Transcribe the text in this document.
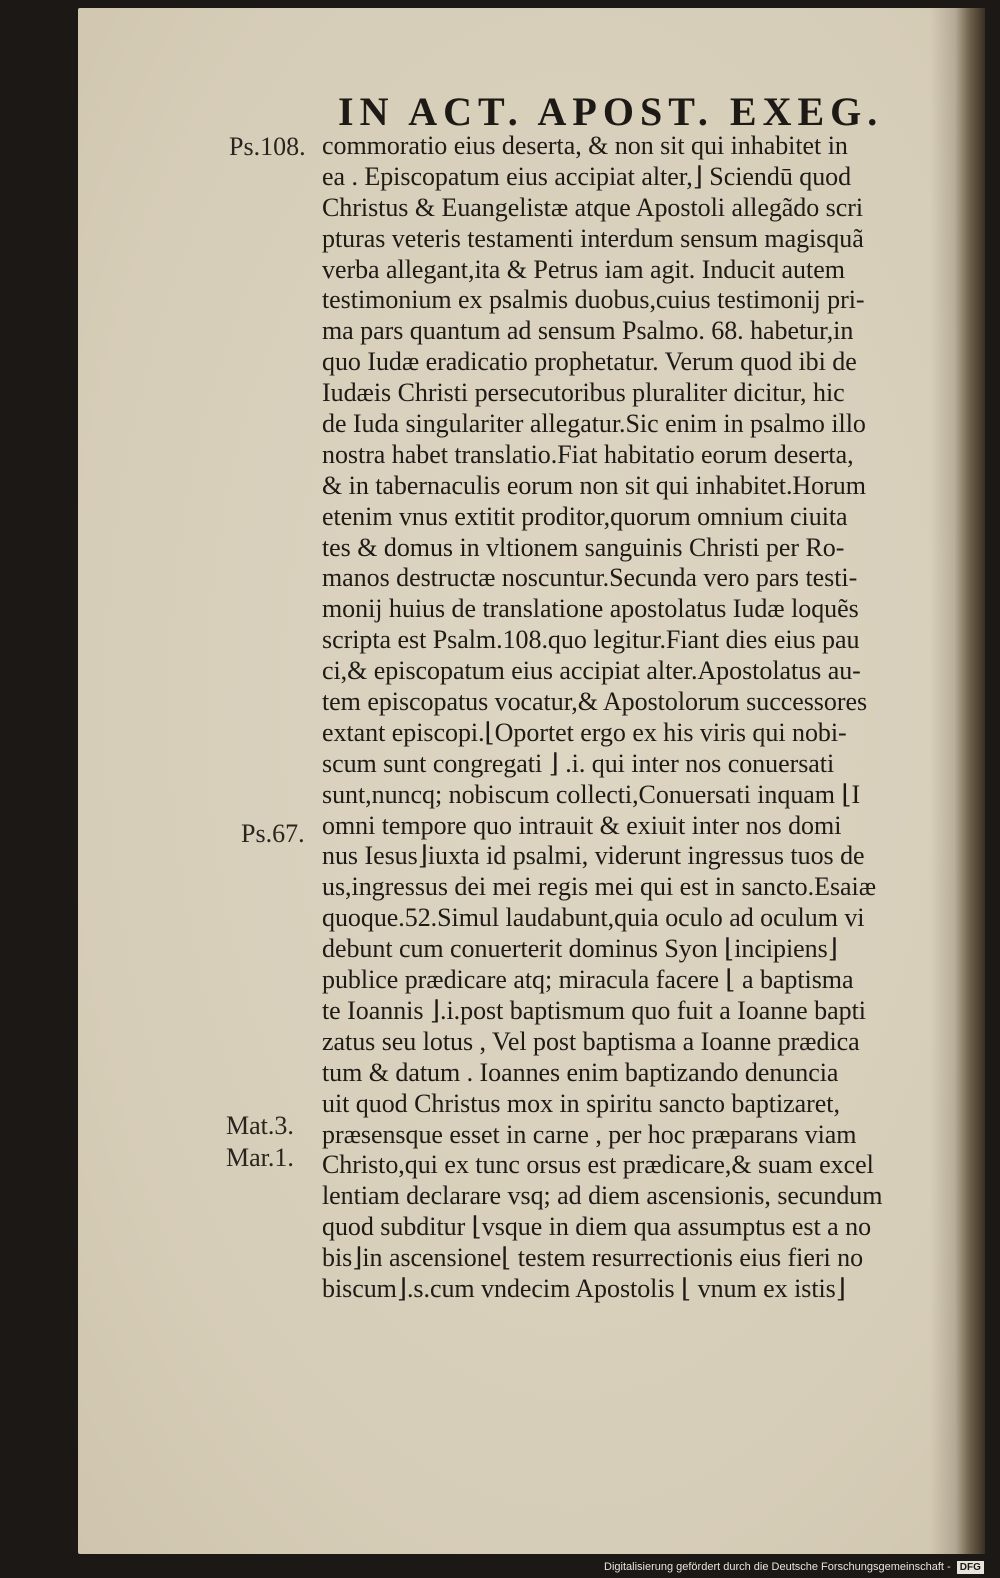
IN ACT. APOST. EXEG.
Ps.108.
Ps.67.
Mat.3.
Mar.1.
commoratio eius deserta, & non sit qui inhabitet in
ea . Episcopatum eius accipiat alter,⌋ Sciendū quod
Christus & Euangelistæ atque Apostoli allegãdo scri
pturas veteris testamenti interdum sensum magisquã
verba allegant,ita & Petrus iam agit. Inducit autem
testimonium ex psalmis duobus,cuius testimonij pri-
ma pars quantum ad sensum Psalmo. 68. habetur,in
quo Iudæ eradicatio prophetatur. Verum quod ibi de
Iudæis Christi persecutoribus pluraliter dicitur, hic
de Iuda singulariter allegatur.Sic enim in psalmo illo
nostra habet translatio.Fiat habitatio eorum deserta,
& in tabernaculis eorum non sit qui inhabitet.Horum
etenim vnus extitit proditor,quorum omnium ciuita
tes & domus in vltionem sanguinis Christi per Ro-
manos destructæ noscuntur.Secunda vero pars testi-
monij huius de translatione apostolatus Iudæ loquẽs
scripta est Psalm.108.quo legitur.Fiant dies eius pau
ci,& episcopatum eius accipiat alter.Apostolatus au-
tem episcopatus vocatur,& Apostolorum successores
extant episcopi.⌊Oportet ergo ex his viris qui nobi-
scum sunt congregati ⌋ .i. qui inter nos conuersati
sunt,nuncq; nobiscum collecti,Conuersati inquam ⌊I
omni tempore quo intrauit & exiuit inter nos domi
nus Iesus⌋iuxta id psalmi, viderunt ingressus tuos de
us,ingressus dei mei regis mei qui est in sancto.Esaiæ
quoque.52.Simul laudabunt,quia oculo ad oculum vi
debunt cum conuerterit dominus Syon ⌊incipiens⌋
publice prædicare atq; miracula facere ⌊ a baptisma
te Ioannis ⌋.i.post baptismum quo fuit a Ioanne bapti
zatus seu lotus , Vel post baptisma a Ioanne prædica
tum & datum . Ioannes enim baptizando denuncia
uit quod Christus mox in spiritu sancto baptizaret,
præsensque esset in carne , per hoc præparans viam
Christo,qui ex tunc orsus est prædicare,& suam excel
lentiam declarare vsq; ad diem ascensionis, secundum
quod subditur ⌊vsque in diem qua assumptus est a no
bis⌋in ascensione⌊ testem resurrectionis eius fieri no
biscum⌋.s.cum vndecim Apostolis ⌊ vnum ex istis⌋
Digitalisierung gefördert durch die Deutsche Forschungsgemeinschaft - DFG
